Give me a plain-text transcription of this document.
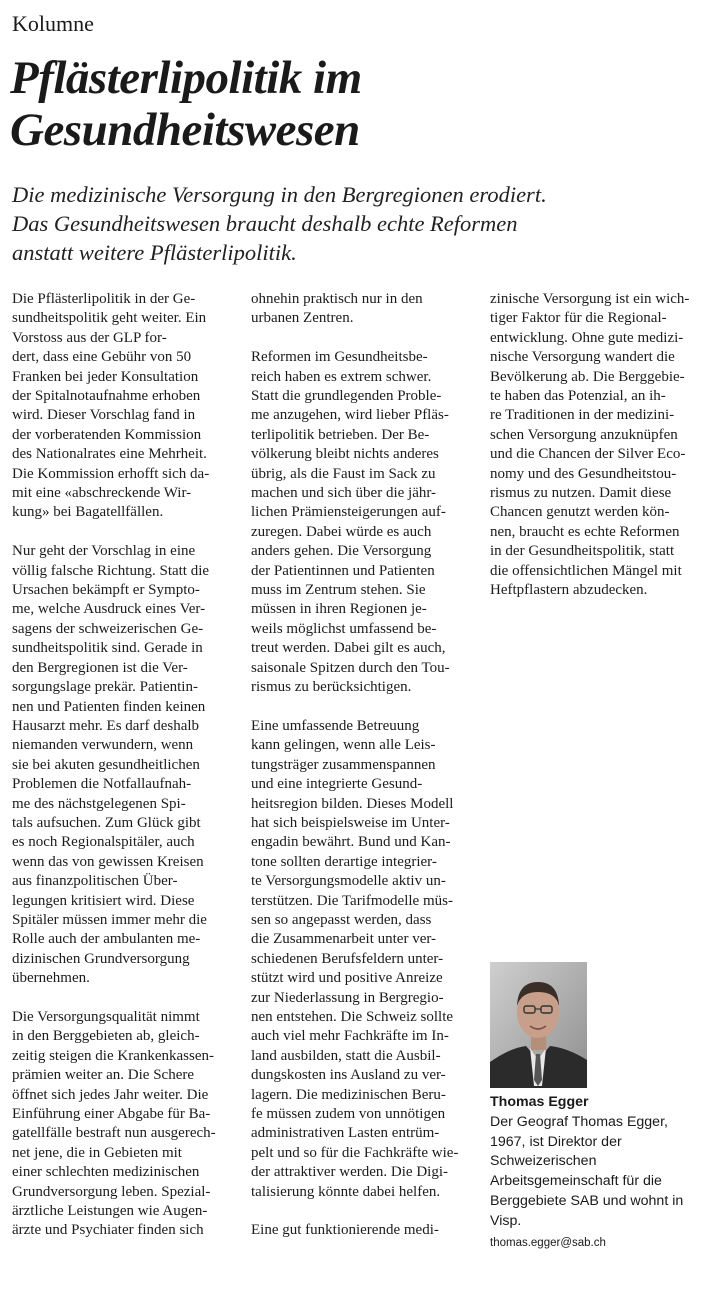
Kolumne
Pflästerlipolitik im
Gesundheitswesen
Die medizinische Versorgung in den Bergregionen erodiert.
Das Gesundheitswesen braucht deshalb echte Reformen
anstatt weitere Pflästerlipolitik.

Die Pflästerlipolitik in der Ge-
sundheitspolitik geht weiter. Ein
Vorstoss aus der GLP for-
dert, dass eine Gebühr von 50
Franken bei jeder Konsultation
der Spitalnotaufnahme erhoben
wird. Dieser Vorschlag fand in
der vorberatenden Kommission
des Nationalrates eine Mehrheit.
Die Kommission erhofft sich da-
mit eine «abschreckende Wir-
kung» bei Bagatellfällen.

Nur geht der Vorschlag in eine
völlig falsche Richtung. Statt die
Ursachen bekämpft er Sympto-
me, welche Ausdruck eines Ver-
sagens der schweizerischen Ge-
sundheitspolitik sind. Gerade in
den Bergregionen ist die Ver-
sorgungslage prekär. Patientin-
nen und Patienten finden keinen
Hausarzt mehr. Es darf deshalb
niemanden verwundern, wenn
sie bei akuten gesundheitlichen
Problemen die Notfallaufnah-
me des nächstgelegenen Spi-
tals aufsuchen. Zum Glück gibt
es noch Regionalspitäler, auch
wenn das von gewissen Kreisen
aus finanzpolitischen Über-
legungen kritisiert wird. Diese
Spitäler müssen immer mehr die
Rolle auch der ambulanten me-
dizinischen Grundversorgung
übernehmen.

Die Versorgungsqualität nimmt
in den Berggebieten ab, gleich-
zeitig steigen die Krankenkassen-
prämien weiter an. Die Schere
öffnet sich jedes Jahr weiter. Die
Einführung einer Abgabe für Ba-
gatellfälle bestraft nun ausgerech-
net jene, die in Gebieten mit
einer schlechten medizinischen
Grundversorgung leben. Spezial-
ärztliche Leistungen wie Augen-
ärzte und Psychiater finden sich

ohnehin praktisch nur in den
urbanen Zentren.

Reformen im Gesundheitsbe-
reich haben es extrem schwer.
Statt die grundlegenden Proble-
me anzugehen, wird lieber Pfläs-
terlipolitik betrieben. Der Be-
völkerung bleibt nichts anderes
übrig, als die Faust im Sack zu
machen und sich über die jähr-
lichen Prämiensteigerungen auf-
zuregen. Dabei würde es auch
anders gehen. Die Versorgung
der Patientinnen und Patienten
muss im Zentrum stehen. Sie
müssen in ihren Regionen je-
weils möglichst umfassend be-
treut werden. Dabei gilt es auch,
saisonale Spitzen durch den Tou-
rismus zu berücksichtigen.

Eine umfassende Betreuung
kann gelingen, wenn alle Leis-
tungsträger zusammenspannen
und eine integrierte Gesund-
heitsregion bilden. Dieses Modell
hat sich beispielsweise im Unter-
engadin bewährt. Bund und Kan-
tone sollten derartige integrier-
te Versorgungsmodelle aktiv un-
terstützen. Die Tarifmodelle müs-
sen so angepasst werden, dass
die Zusammenarbeit unter ver-
schiedenen Berufsfeldern unter-
stützt wird und positive Anreize
zur Niederlassung in Bergregio-
nen entstehen. Die Schweiz sollte
auch viel mehr Fachkräfte im In-
land ausbilden, statt die Ausbil-
dungskosten ins Ausland zu ver-
lagern. Die medizinischen Beru-
fe müssen zudem von unnötigen
administrativen Lasten entrüm-
pelt und so für die Fachkräfte wie-
der attraktiver werden. Die Digi-
talisierung könnte dabei helfen.

Eine gut funktionierende medi-

zinische Versorgung ist ein wich-
tiger Faktor für die Regional-
entwicklung. Ohne gute medizi-
nische Versorgung wandert die
Bevölkerung ab. Die Berggebie-
te haben das Potenzial, an ih-
re Traditionen in der medizini-
schen Versorgung anzuknüpfen
und die Chancen der Silver Eco-
nomy und des Gesundheitstou-
rismus zu nutzen. Damit diese
Chancen genutzt werden kön-
nen, braucht es echte Reformen
in der Gesundheitspolitik, statt
die offensichtlichen Mängel mit
Heftpflastern abzudecken.

Thomas Egger
Der Geograf Thomas Egger,
1967, ist Direktor der
Schweizerischen
Arbeitsgemeinschaft für die
Berggebiete SAB und wohnt in
Visp.
thomas.egger@sab.ch
